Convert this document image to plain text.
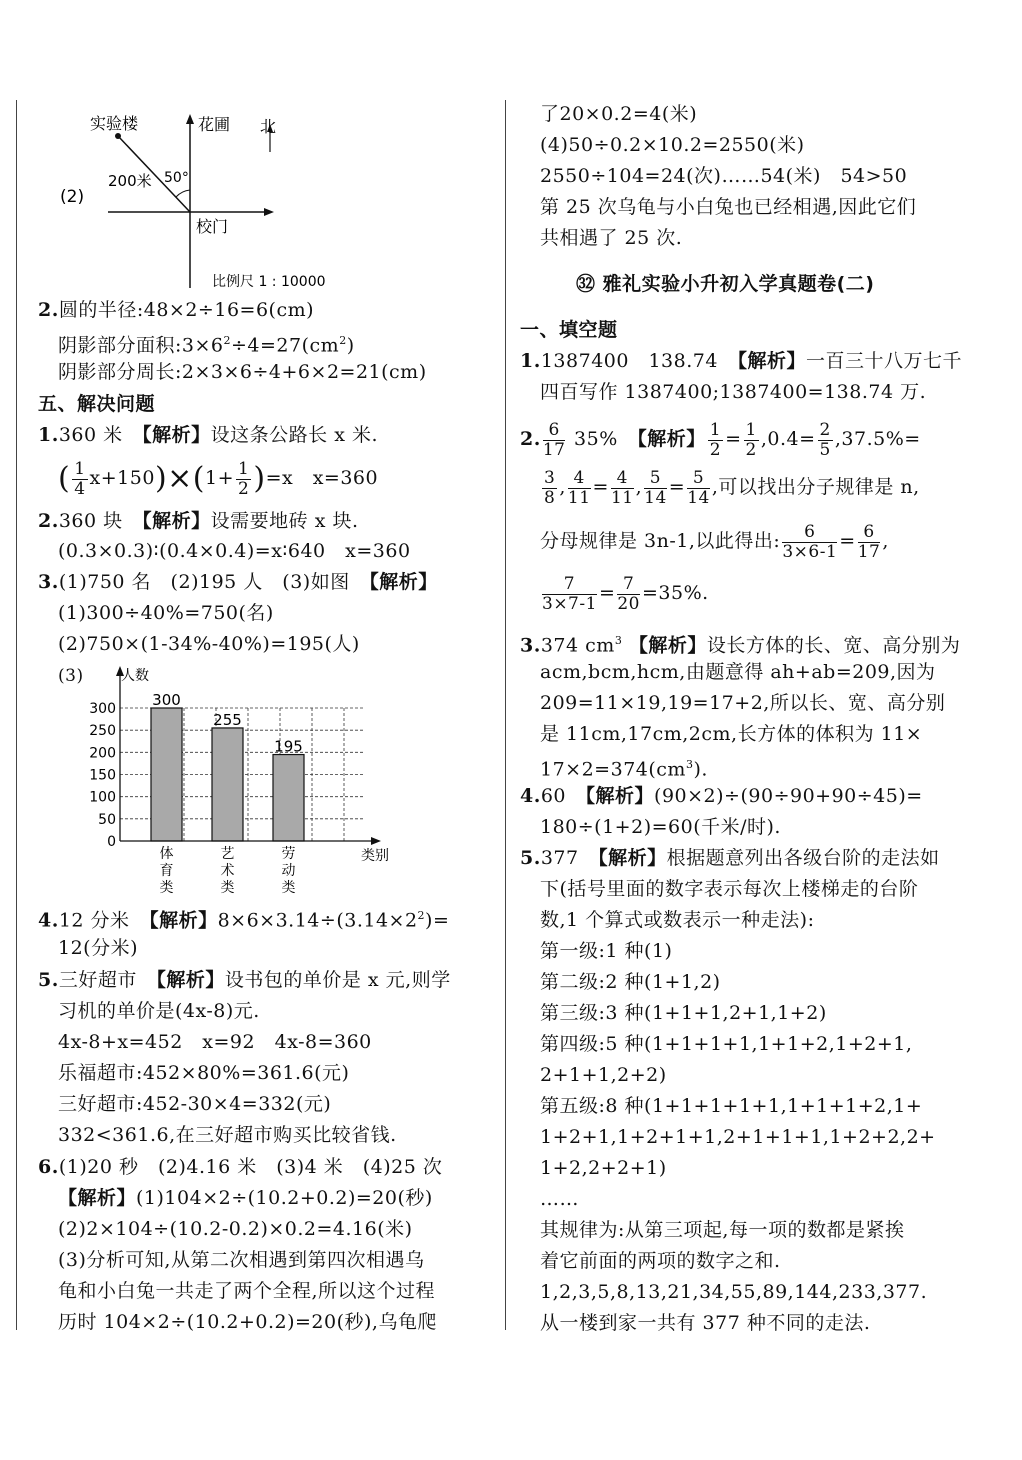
(2)
实验楼	花圃 北
200米 50°
校门
比例尺 1 : 10000
2.圆的半径:48×2÷16=6(cm)
阴影部分面积$:3\times 6^2\div 4=27(cm^2)$
阴影部分周长:2×3×6÷4+6×2=21(cm)
五、解决问题
1.360 米　【解析】设这条公路长 x 米.
( $\frac{1}{4} x+150)\times(1+ \frac{1}{2} )=x$　x=360
2.360 块　【解析】设需要地砖 x 块.
(0.3×0.3)∶(0.4×0.4)=x∶640　x=360
3.(1)750 名　(2)195 人　(3)如图　【解析】
(1)300÷40%=750(名)
(2)750×(1-34%-40%)=195(人)
(3)
0
50
100
150
200
250
300 300
体
育
类
255
艺
术
类
195
劳
动
类
人数
类别
4.12 分米　【解析】$8\times 6\times 3.14\div(3.14\times 2^2)=$
12(分米)
5.三好超市　【解析】设书包的单价是 x 元,则学
习机的单价是(4x-8)元.
4x-8+x=452　x=92　4x-8=360
乐福超市:452×80%=361.6(元)
三好超市:452-30×4=332(元)
332<361.6,在三好超市购买比较省钱.
6.(1)20 秒　(2)4.16 米　(3)4 米　(4)25 次
【解析】(1)104×2÷(10.2+0.2)=20(秒)
(2)2×104÷(10.2-0.2)×0.2=4.16(米)
(3)分析可知,从第二次相遇到第四次相遇乌
龟和小白兔一共走了两个全程,所以这个过程
历时 104×2÷(10.2+0.2)=20(秒),乌龟爬
了20×0.2=4(米)
(4)50÷0.2×10.2=2550(米)
2550÷104=24(次)……54(米)　54>50
第 25 次乌龟与小白兔也已经相遇,因此它们
共相遇了 25 次.
㉜ 雅礼实验小升初入学真题卷(二)
一、填空题
1.1387400　138.74　【解析】一百三十八万七千
四百写作 1387400;1387400=138.74 万.
2. $\frac{6}{17} 35\%$　【解析】 $\frac{1}{2} = \frac{1}{2} ,0.4= \frac{2}{5} ,37.5\%=$
$\frac{3}{8}$ , $\frac{4}{11} = \frac{4}{11}$ , $\frac{5}{14} = \frac{5}{14}$ ,可以找出分子规律是 n,
分母规律是 3n-1,以此得出: $\frac{6}{3\times 6-1} = \frac{6}{17}$ ,
$\frac{7}{3\times 7-1} = \frac{7}{20} =35\%$.
3.374 $cm^3$ 【解析】设长方体的长、宽、高分别为
acm,bcm,hcm,由题意得 ah+ab=209,因为
209=11×19,19=17+2,所以长、宽、高分别
是 11cm,17cm,2cm,长方体的体积为 11×
$17\times 2=374(cm^3)$.
4.60　【解析】(90×2)÷(90÷90+90÷45)=
180÷(1+2)=60(千米/时).
5.377　【解析】根据题意列出各级台阶的走法如
下(括号里面的数字表示每次上楼梯走的台阶
数,1 个算式或数表示一种走法):
第一级:1 种(1)
第二级:2 种(1+1,2)
第三级:3 种(1+1+1,2+1,1+2)
第四级:5 种(1+1+1+1,1+1+2,1+2+1,
2+1+1,2+2)
第五级:8 种(1+1+1+1+1,1+1+1+2,1+
1+2+1,1+2+1+1,2+1+1+1,1+2+2,2+
1+2,2+2+1)
……
其规律为:从第三项起,每一项的数都是紧挨
着它前面的两项的数字之和.
1,2,3,5,8,13,21,34,55,89,144,233,377.
从一楼到家一共有 377 种不同的走法.
